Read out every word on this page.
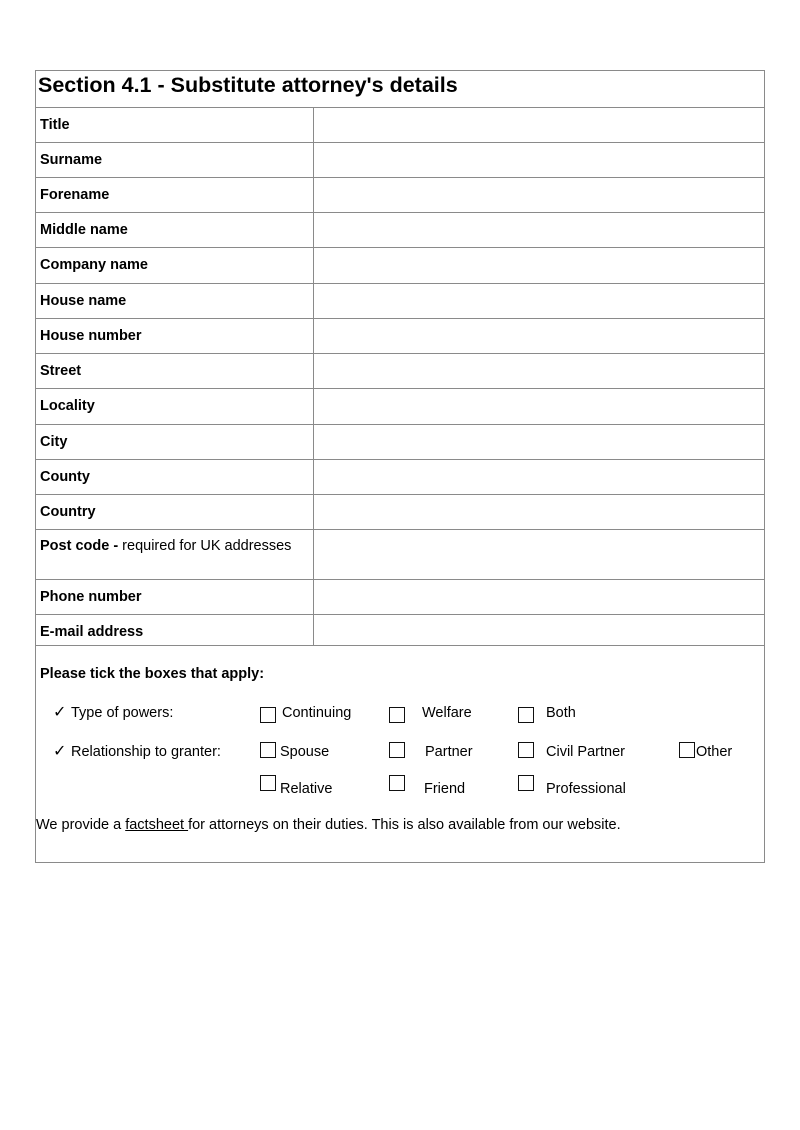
Section 4.1 - Substitute attorney's details
Title
Surname
Forename
Middle name
Company name
House name
House number
Street
Locality
City
County
Country
Post code - required for UK addresses
Phone number
E-mail address
Please tick the boxes that apply:
✓ Type of powers:	Continuing	Welfare	Both
✓ Relationship to granter:	Spouse	Partner	Civil Partner	Other
Relative	Friend	Professional
We provide a factsheet for attorneys on their duties. This is also available from our website.
